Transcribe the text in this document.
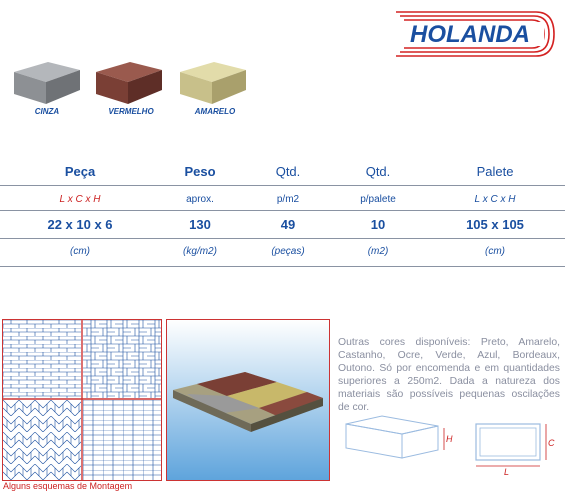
HOLANDA
CINZA	VERMELHO	AMARELO
Peça	Peso	Qtd.	Qtd.	Palete
L x C x H	aprox.	p/m2	p/palete	L x C x H
22 x 10 x 6	130	49	10	105 x 105
(cm)	(kg/m2)	(peças)	(m2)	(cm)
Alguns esquemas de Montagem
Outras cores disponíveis: Preto, Amarelo, Castanho, Ocre, Verde, Azul, Bordeaux, Outono. Só por encomenda e em quantidades superiores a 250m2. Dada a natureza dos materiais são possíveis pequenas oscilações de cor.
H	C
L
